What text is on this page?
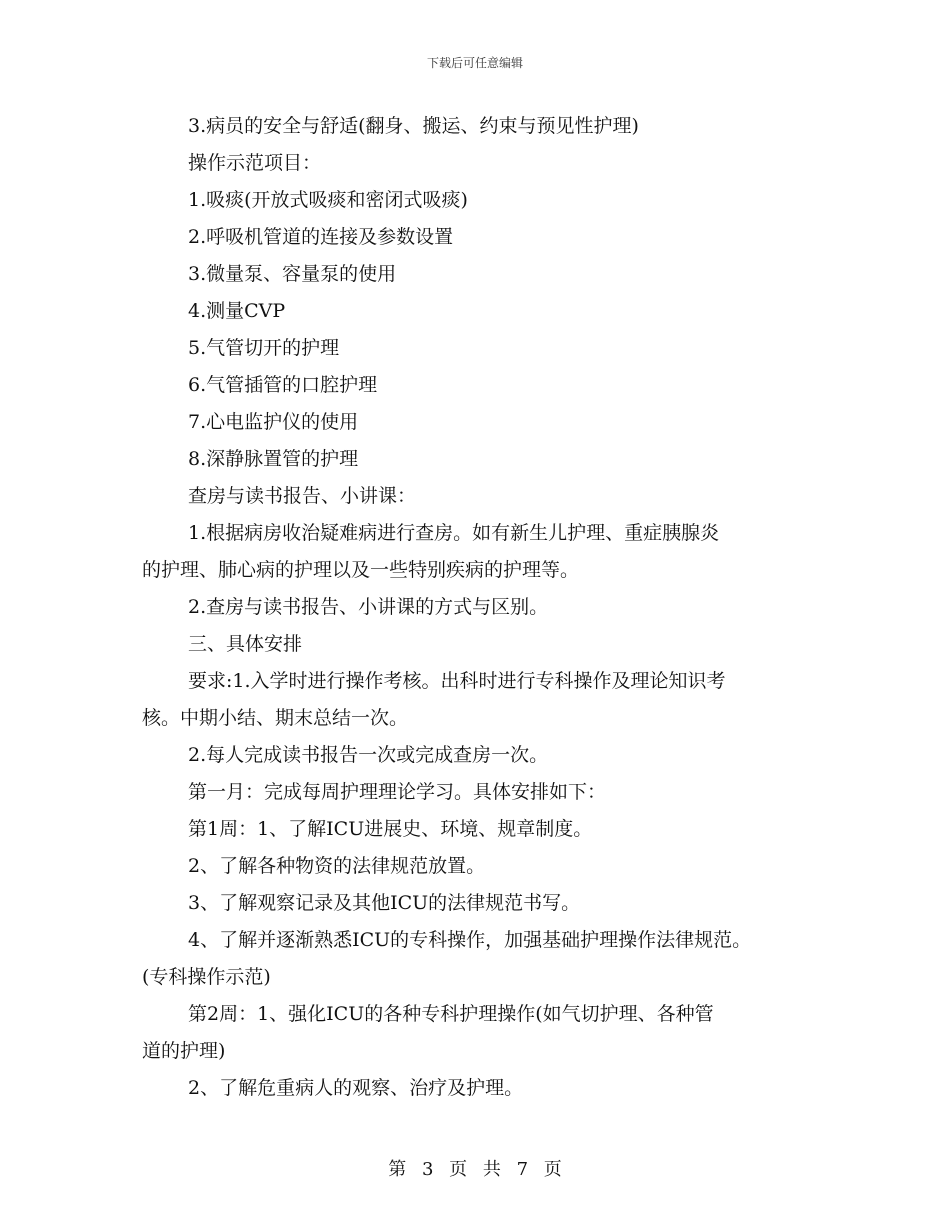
下载后可任意编辑
3.病员的安全与舒适(翻身、搬运、约束与预见性护理)
操作示范项目：
1.吸痰(开放式吸痰和密闭式吸痰)
2.呼吸机管道的连接及参数设置
3.微量泵、容量泵的使用
4.测量CVP
5.气管切开的护理
6.气管插管的口腔护理
7.心电监护仪的使用
8.深静脉置管的护理
查房与读书报告、小讲课：
1.根据病房收治疑难病进行查房。如有新生儿护理、重症胰腺炎
的护理、肺心病的护理以及一些特别疾病的护理等。
2.查房与读书报告、小讲课的方式与区别。
三、具体安排
要求:1.入学时进行操作考核。出科时进行专科操作及理论知识考
核。中期小结、期末总结一次。
2.每人完成读书报告一次或完成查房一次。
第一月：完成每周护理理论学习。具体安排如下：
第1周：1、了解ICU进展史、环境、规章制度。
2、了解各种物资的法律规范放置。
3、了解观察记录及其他ICU的法律规范书写。
4、了解并逐渐熟悉ICU的专科操作，加强基础护理操作法律规范。
(专科操作示范)
第2周：1、强化ICU的各种专科护理操作(如气切护理、各种管
道的护理)
2、了解危重病人的观察、治疗及护理。
第 3 页 共 7 页
